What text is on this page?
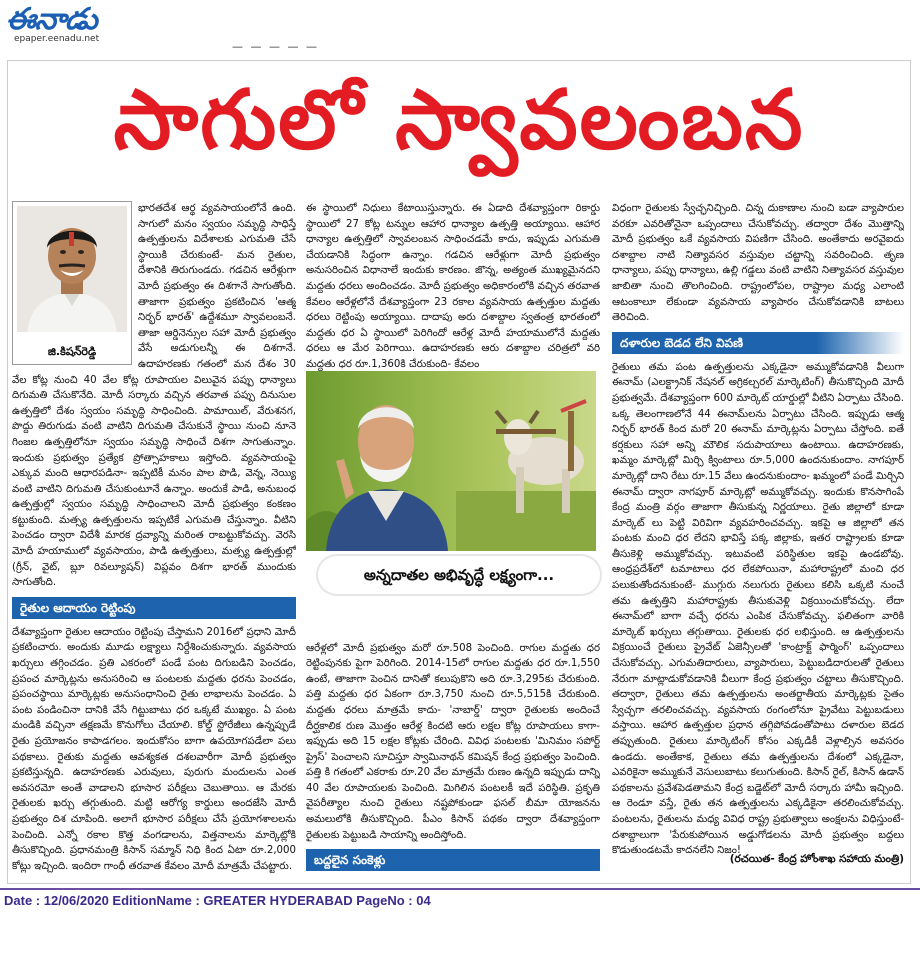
ఈనాడు
epaper.eenadu.net
— — — — —
సాగులో స్వావలంబన
జి.కిషన్‌రెడ్డి

భారతదేశ ఆర్థ వ్యవసాయంలోనే ఉంది. సాగులో మనం స్వయం సమృద్ధి సాధిస్తే ఉత్పత్తులను విదేశాలకు ఎగుమతి చేసే స్థాయికి చేరుకుంటే- మన రైతుల, దేశానికి తిరుగుండదు. గడచిన ఆరేళ్లుగా మోదీ ప్రభుత్వం ఈ దిశగానే సాగుతోంది. తాజాగా ప్రభుత్వం ప్రకటించిన 'ఆత్మ నిర్భర్ భారత్' ఉద్దేశమూ స్వావలంబనే. తాజా ఆర్డినెన్సుల సహా మోదీ ప్రభుత్వం వేసే అడుగులన్నీ ఈ దిశగానే. ఉదాహరణకు గతంలో మన దేశం 30 వేల కోట్ల నుంచి 40 వేల కోట్ల రూపాయల విలువైన పప్పు ధాన్యాలు దిగుమతి చేసుకొనేది. మోదీ సర్కారు వచ్చిన తరవాత పప్పు దినుసుల ఉత్పత్తిలో దేశం స్వయం సమృద్ధి సాధించింది. పామాయిల్, వేరుశనగ, పొద్దు తిరుగుడు వంటి వాటిని దిగుమతి చేసుకునే స్థాయి నుంచి నూనె గింజల ఉత్పత్తిలోనూ స్వయం సమృద్ధి సాధించే దిశగా సాగుతున్నాం. ఇందుకు ప్రభుత్వం ప్రత్యేక ప్రోత్సాహకాలు ఇస్తోంది. వ్యవసాయంపై ఎక్కువ మంది ఆధారపడినా- ఇప్పటికీ మనం పాల పొడి, వెన్న, నెయ్యి వంటి వాటిని దిగుమతి చేసుకుంటూనే ఉన్నాం. అందుకే పాడి, అనుబంధ ఉత్పత్తుల్లో స్వయం సమృద్ధి సాధించాలని మోదీ ప్రభుత్వం కంకణం కట్టుకుంది. మత్స్య ఉత్పత్తులను ఇప్పటికే ఎగుమతి చేస్తున్నాం. వీటిని పెంచడం ద్వారా విదేశీ మారక ద్రవ్యాన్ని మరింత రాబట్టుకోవచ్చు. వెరసి మోదీ హయాములో వ్యవసాయం, పాడి ఉత్పత్తులు, మత్స్య ఉత్పత్తుల్లో (గ్రీన్, వైట్, బ్లూ రివల్యూషన్) విప్లవం దిశగా భారత్ ముందుకు సాగుతోంది.

రైతుల ఆదాయం రెట్టింపు

దేశవ్యాప్తంగా రైతుల ఆదాయం రెట్టింపు చేస్తామని 2016లో ప్రధాని మోదీ ప్రకటించారు. అందుకు మూడు లక్ష్యాలు నిర్దేశించుకున్నారు. వ్యవసాయ ఖర్చులు తగ్గించడం. ప్రతి ఎకరంలో పండే పంట దిగుబడిని పెంచడం, ప్రపంచ మార్కెట్లను అనుసరించి ఆ పంటలకు మద్దతు ధరను పెంచడం, ప్రపంచస్థాయి మార్కెట్లకు అనుసంధానించి రైతు లాభాలను పెంచడం. ఏ పంట పండించినా దానికి వేసే గిట్టుబాటు ధర ఒక్కటే ముఖ్యం. ఏ పంట మండికి వచ్చినా తక్షణమే కొనుగోలు చేయాలి. కోల్డ్ స్టోరేజీలు ఉన్నప్పుడే రైతు ప్రయోజనం కాపాడగలం. ఇందుకోసం బాగా ఉపయోగపడేలా పలు పథకాలు. రైతుకు మద్దతు ఆవశ్యకత దశలవారీగా మోదీ ప్రభుత్వం ప్రకటిస్తున్నది. ఉదాహరణకు ఎరువులు, పురుగు మందులను ఎంత అవసరమో అంతే వాడాలని భూసార పరీక్షలు చెబుతాయి. ఆ మేరకు రైతులకు ఖర్చు తగ్గుతుంది. మట్టి ఆరోగ్య కార్డులు అందజేసి మోదీ ప్రభుత్వం దిశ చూపింది. అలాగే భూసార పరీక్షలు చేసే ప్రయోగశాలలను పెంచింది. ఎన్నో రకాల కొత్త వంగడాలను, విత్తనాలను మార్కెట్లోకి తీసుకొచ్చింది. ప్రధానమంత్రి కిసాన్ సమ్మాన్ నిధి కింద ఏటా రూ.2,000 కోట్లు ఇచ్చింది. ఇందిరా గాంధీ తరవాత కేవలం మోదీ మాత్రమే చేపట్టారు.

ఈ స్థాయిలో నిధులు కేటాయిస్తున్నారు. ఈ ఏడాది దేశవ్యాప్తంగా రికార్డు స్థాయిలో 27 కోట్ల టన్నుల ఆహార ధాన్యాల ఉత్పత్తి అయ్యాయి. ఆహార ధాన్యాల ఉత్పత్తిలో స్వావలంబన సాధించడమే కాదు, ఇప్పుడు ఎగుమతి చేయడానికి సిద్ధంగా ఉన్నాం. గడచిన ఆరేళ్లుగా మోదీ ప్రభుత్వం అనుసరించిన విధానాలే ఇందుకు కారణం. జొన్న, అత్యంత ముఖ్యమైనదని మద్దతు ధరలు అందించడం. మోదీ ప్రభుత్వం అధికారంలోకి వచ్చిన తరవాత కేవలం ఆరేళ్లలోనే దేశవ్యాప్తంగా 23 రకాల వ్యవసాయ ఉత్పత్తుల మద్దతు ధరలు రెట్టింపు అయ్యాయి. దాదాపు అరు దశాబ్దాల స్వతంత్ర భారతంలో మద్దతు ధర ఏ స్థాయిలో పెరిగిందో ఆరేళ్ల మోదీ హయాములోనే మద్దతు ధరలు ఆ మేర పెరిగాయి. ఉదాహరణకు ఆరు దశాబ్దాల చరిత్రలో వరి మద్దతు ధర రూ.1,360కి చేరుకుంది- కేవలం

ఆరేళ్లలో మోదీ ప్రభుత్వం మరో రూ.508 పెంచింది. రాగుల మద్దతు ధర రెట్టింపునకు పైగా పెరిగింది. 2014-15లో రాగుల మద్దతు ధర రూ.1,550 ఉంటే, తాజాగా పెంచిన దానితో కలుపుకొని అది రూ.3,295కు చేరుకుంది. పత్తి మద్దతు ధర ఏకంగా రూ.3,750 నుంచి రూ.5,515కి చేరుకుంది. మద్దతు ధరలు మాత్రమే కాదు- 'నాబార్డ్' ద్వారా రైతులకు అందించే దీర్ఘకాలిక రుణ మొత్తం ఆరేళ్ల కిందటి ఆరు లక్షల కోట్ల రూపాయలు కాగా- ఇప్పుడు అది 15 లక్షల కోట్లకు చేరింది. వివిధ పంటలకు 'మినిమం సపోర్ట్ ప్రైస్' పెంచాలని సూచిస్తూ స్వామినాథన్ కమిషన్ కేంద్ర ప్రభుత్వం పెంచింది. పత్తి కి గతంలో ఎకరాకు రూ.20 వేల మాత్రమే రుణం ఉన్నది ఇప్పుడు దాన్ని 40 వేల రూపాయలకు పెంచింది. మిగిలిన పంటలకీ ఇదే పరిస్థితి. ప్రకృతి వైపరీత్యాల నుంచి రైతులు నష్టపోకుండా ఫసల్ బీమా యోజనను అమలులోకి తీసుకొచ్చింది. పీఎం కిసాన్ పథకం ద్వారా దేశవ్యాప్తంగా రైతులకు పెట్టుబడి సాయాన్ని అందిస్తోంది.

బద్దలైన సంకెళ్లు

విధంగా రైతులకు స్వేచ్ఛనిచ్చింది. చిన్న దుకాణాల నుంచి బడా వ్యాపారుల వరకూ ఎవరితోనైనా ఒప్పందాలు చేసుకోవచ్చు. తద్వారా దేశం మొత్తాన్ని మోదీ ప్రభుత్వం ఒకే వ్యవసాయ విపణిగా చేసింది. అంతేకాదు అరవైఐదు దశాబ్దాల నాటి నిత్యావసర వస్తువుల చట్టాన్ని సవరించింది. తృణ ధాన్యాలు, పప్పు ధాన్యాలు, ఉల్లి గడ్డలు వంటి వాటిని నిత్యావసర వస్తువుల జాబితా నుంచి తొలగించింది. రాష్ట్రంలోపల, రాష్ట్రాల మధ్య ఎలాంటి ఆటంకాలూ లేకుండా వ్యవసాయ వ్యాపారం చేసుకోవడానికి బాటలు తెరిచింది.

దళారుల బెడద లేని విపణి

రైతులు తమ పంట ఉత్పత్తులను ఎక్కడైనా అమ్ముకోవడానికి వీలుగా ఈనామ్ (ఎలక్ట్రానిక్ నేషనల్ అగ్రికల్చరల్ మార్కెటింగ్) తీసుకొచ్చింది మోదీ ప్రభుత్వమే. దేశవ్యాప్తంగా 600 మార్కెట్ యార్డుల్లో వీటిని ఏర్పాటు చేసింది. ఒక్క తెలంగాణలోనే 44 ఈనామ్‌లను ఏర్పాటు చేసింది. ఇప్పుడు ఆత్మ నిర్భర్ భారత్ కింద మరో 20 ఈనామ్ మార్కెట్లను ఏర్పాటు చేస్తోంది. ఐతే కర్షకులు సహా అన్ని మౌలిక సదుపాయాలు ఉంటాయి. ఉదాహరణకు, ఖమ్మం మార్కెట్లో మిర్చి క్వింటాలు రూ.5,000 ఉందనుకుందాం. నాగపూర్ మార్కెట్లో దాని రేటు రూ.15 వేలు ఉందనుకుందాం- ఖమ్మంలో పండే మిర్చిని ఈనామ్ ద్వారా నాగపూర్ మార్కెట్లో అమ్ముకోవచ్చు. ఇందుకు కొనసాగింపే కేంద్ర మంత్రి వర్గం తాజాగా తీసుకున్న నిర్ణయాలు. రైతు జిల్లాలో కూడా మార్కెట్ లు పెట్టి విరివిగా వ్యవహరించవచ్చు. ఇకపై ఆ జిల్లాలో తన పంటకు మంచి ధర లేదని భావిస్తే పక్క జిల్లాకు, ఇతర రాష్ట్రాలకు కూడా తీసుకెళ్లి అమ్ముకోవచ్చు. ఇటువంటి పరిస్థితుల ఇకపై ఉండబోవు. ఆంధ్రప్రదేశ్‌లో టమాటాలు ధర లేకపోయినా, మహారాష్ట్రలో మంచి ధర పలుకుతోందనుకుంటే- ముగ్గురు నలుగురు రైతులు కలిసి ఒక్కటి నుంచే తమ ఉత్పత్తిని మహారాష్ట్రకు తీసుకువెళ్లి విక్రయించుకోవచ్చు. లేదా ఈనామ్‌లో బాగా వచ్చే ధరను ఎంపిక చేసుకోవచ్చు. ఫలితంగా వారికి మార్కెట్ ఖర్చులు తగ్గుతాయి. రైతులకు ధర లభిస్తుంది. ఆ ఉత్పత్తులను విక్రయించే రైతులు ప్రైవేట్ ఏజెన్సీలతో 'కాంట్రాక్ట్ ఫార్మింగ్' ఒప్పందాలు చేసుకోవచ్చు. ఎగుమతిదారులు, వ్యాపారులు, పెట్టుబడిదారులతో రైతులు నేరుగా మాట్లాడుకోవడానికి వీలుగా కేంద్ర ప్రభుత్వం చట్టాలు తీసుకొచ్చింది. తద్వారా, రైతులు తమ ఉత్పత్తులను అంతర్జాతీయ మార్కెట్లకు సైతం స్వేచ్ఛగా తరలించవచ్చు. వ్యవసాయ రంగంలోనూ ప్రైవేటు పెట్టుబడులు వస్తాయి. ఆహార ఉత్పత్తుల ప్రధాన తగ్గిపోవడంతోపాటు దళారుల బెడద తప్పుతుంది. రైతులు మార్కెటింగ్ కోసం ఎక్కడికీ వెళ్లాల్సిన అవసరం ఉండదు. అంతేకాక, రైతులు తమ ఉత్పత్తులను దేశంలో ఎక్కడైనా, ఎవరికైనా అమ్ముకునే వెసులుబాటు కలుగుతుంది. కిసాన్ రైల్, కిసాన్ ఉడాన్ పథకాలను ప్రవేశపెడతామని కేంద్ర బడ్జెట్‌లో మోదీ సర్కారు హామీ ఇచ్చింది. ఆ రెండూ వస్తే, రైతు తన ఉత్పత్తులను ఎక్కడికైనా తరలించుకోవచ్చు. పంటలను, రైతులను మధ్య వివిధ రాష్ట్ర ప్రభుత్వాలు అంక్షలను విధిస్తుంటే- దశాబ్దాలుగా 'పేరుకుపోయిన అడ్డుగోడలను మోదీ ప్రభుత్వం బద్దలు కొడుతుండటమే కాదనలేని నిజం!

(రచయిత- కేంద్ర హోంశాఖ సహాయ మంత్రి)
అన్నదాతల అభివృద్ధే లక్ష్యంగా...
Date : 12/06/2020 EditionName : GREATER HYDERABAD PageNo : 04
